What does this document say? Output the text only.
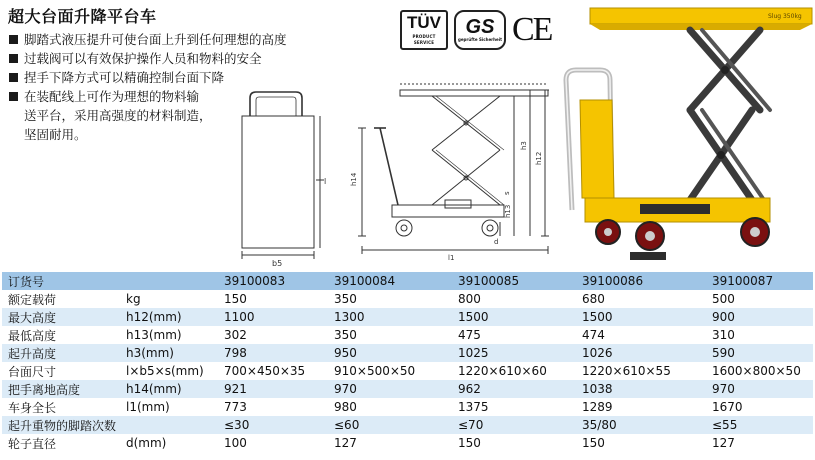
超大台面升降平台车
脚踏式液压提升可使台面上升到任何理想的高度
过载阀可以有效保护操作人员和物料的安全
捏手下降方式可以精确控制台面下降
在装配线上可作为理想的物料输
送平台，采用高强度的材料制造，
坚固耐用。
TÜV
PRODUCT SERVICE
GS
geprüfte Sicherheit CE
b5
l	h14
h3
h12
h13
s
d
l1
Slug 350kg
订货号		39100083	39100084	39100085	39100086	39100087
额定载荷	kg	150	350	800	680	500
最大高度	h12(mm)	1100	1300	1500	1500	900
最低高度	h13(mm)	302	350	475	474	310
起升高度	h3(mm)	798	950	1025	1026	590
台面尺寸	l×b5×s(mm)	700×450×35	910×500×50	1220×610×60	1220×610×55	1600×800×50
把手离地高度	h14(mm)	921	970	962	1038	970
车身全长	l1(mm)	773	980	1375	1289	1670
起升重物的脚踏次数		≤30	≤60	≤70	35/80	≤55
轮子直径	d(mm)	100	127	150	150	127
